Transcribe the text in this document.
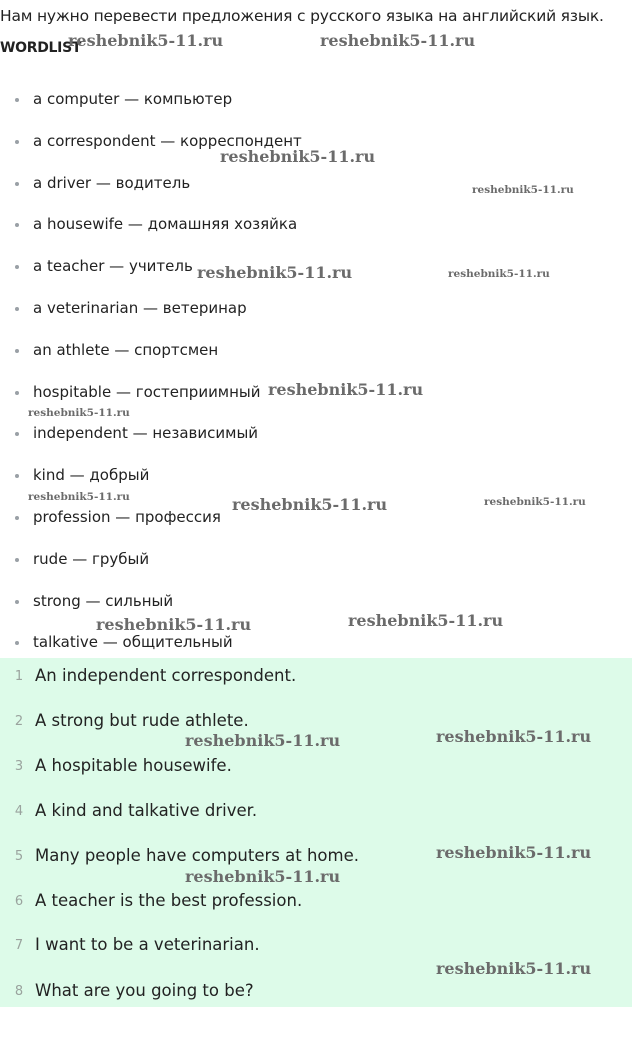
Нам нужно перевести предложения с русского языка на английский язык.
WORDLIST
a computer — компьютер
a correspondent — корреспондент
a driver — водитель
a housewife — домашняя хозяйка
a teacher — учитель
a veterinarian — ветеринар
an athlete — спортсмен
hospitable — гостеприимный
independent — независимый
kind — добрый
profession — профессия
rude — грубый
strong — сильный
talkative — общительный
1 An independent correspondent.
2 A strong but rude athlete.
3 A hospitable housewife.
4 A kind and talkative driver.
5 Many people have computers at home.
6 A teacher is the best profession.
7 I want to be a veterinarian.
8 What are you going to be?
reshebnik5-11.ru	reshebnik5-11.ru
reshebnik5-11.ru
reshebnik5-11.ru
reshebnik5-11.ru	reshebnik5-11.ru
reshebnik5-11.ru
reshebnik5-11.ru
reshebnik5-11.ru	reshebnik5-11.ru	reshebnik5-11.ru
reshebnik5-11.ru	reshebnik5-11.ru
reshebnik5-11.ru	reshebnik5-11.ru
reshebnik5-11.ru
reshebnik5-11.ru
reshebnik5-11.ru
